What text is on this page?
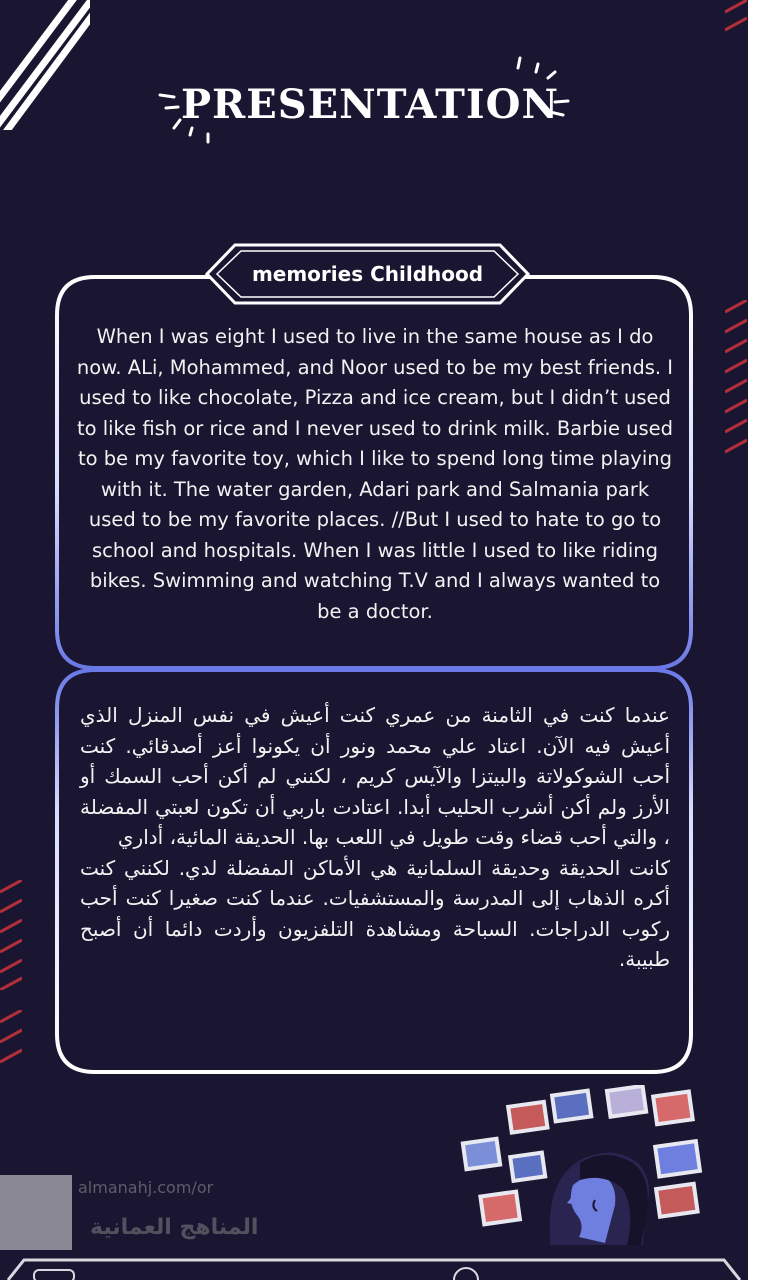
PRESENTATION
memories Childhood
When I was eight I used to live in the same house as I do now. ALi, Mohammed, and Noor used to be my best friends. I used to like chocolate, Pizza and ice cream, but I didn’t used to like fish or rice and I never used to drink milk. Barbie used to be my favorite toy, which I like to spend long time playing with it. The water garden, Adari park and Salmania park used to be my favorite places. //But I used to hate to go to school and hospitals. When I was little I used to like riding bikes. Swimming and watching T.V and I always wanted to be a doctor.

عندما كنت في الثامنة من عمري كنت أعيش في نفس المنزل الذي أعيش فيه الآن. اعتاد علي محمد ونور أن يكونوا أعز أصدقائي. كنت أحب الشوكولاتة والبيتزا والآيس كريم ، لكنني لم أكن أحب السمك أو الأرز ولم أكن أشرب الحليب أبدا. اعتادت باربي أن تكون لعبتي المفضلة ، والتي أحب قضاء وقت طويل في اللعب بها. الحديقة المائية، أداري

كانت الحديقة وحديقة السلمانية هي الأماكن المفضلة لدي. لكنني كنت أكره الذهاب إلى المدرسة والمستشفيات. عندما كنت صغيرا كنت أحب ركوب الدراجات. السباحة ومشاهدة التلفزيون وأردت دائما أن أصبح طبيبة.

almanahj.com/or
المناهج العمانية
